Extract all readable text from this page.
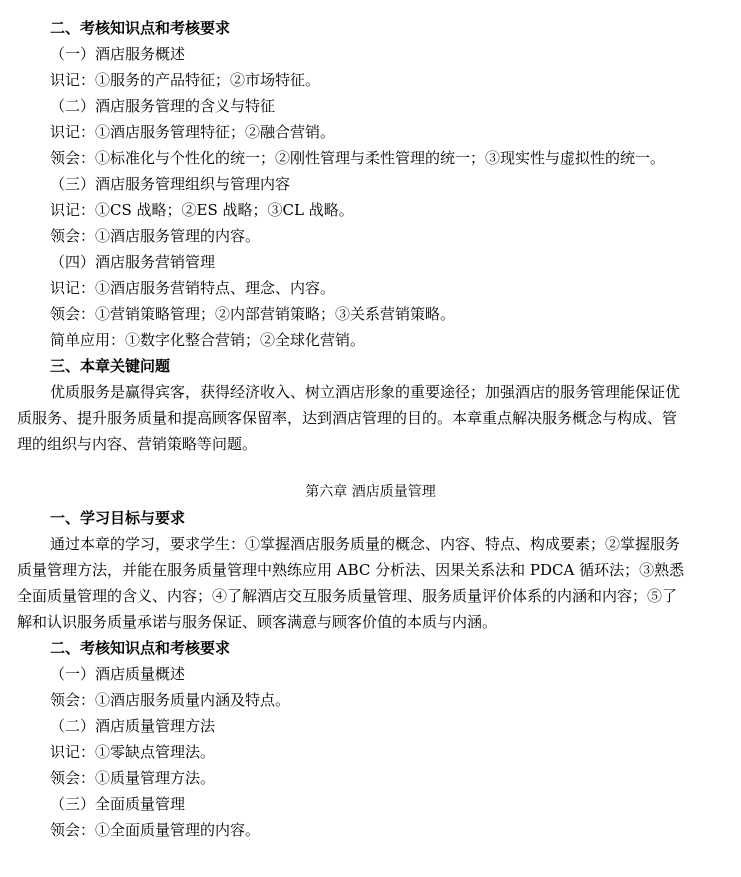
二、考核知识点和考核要求
（一）酒店服务概述
识记：①服务的产品特征；②市场特征。
（二）酒店服务管理的含义与特征
识记：①酒店服务管理特征；②融合营销。
领会：①标准化与个性化的统一；②刚性管理与柔性管理的统一；③现实性与虚拟性的统一。
（三）酒店服务管理组织与管理内容
识记：①CS 战略；②ES 战略；③CL 战略。
领会：①酒店服务管理的内容。
（四）酒店服务营销管理
识记：①酒店服务营销特点、理念、内容。
领会：①营销策略管理；②内部营销策略；③关系营销策略。
简单应用：①数字化整合营销；②全球化营销。
三、本章关键问题
优质服务是赢得宾客，获得经济收入、树立酒店形象的重要途径；加强酒店的服务管理能保证优
质服务、提升服务质量和提高顾客保留率，达到酒店管理的目的。本章重点解决服务概念与构成、管
理的组织与内容、营销策略等问题。
第六章 酒店质量管理
一、学习目标与要求
通过本章的学习，要求学生：①掌握酒店服务质量的概念、内容、特点、构成要素；②掌握服务
质量管理方法，并能在服务质量管理中熟练应用 ABC 分析法、因果关系法和 PDCA 循环法；③熟悉
全面质量管理的含义、内容；④了解酒店交互服务质量管理、服务质量评价体系的内涵和内容；⑤了
解和认识服务质量承诺与服务保证、顾客满意与顾客价值的本质与内涵。
二、考核知识点和考核要求
（一）酒店质量概述
领会：①酒店服务质量内涵及特点。
（二）酒店质量管理方法
识记：①零缺点管理法。
领会：①质量管理方法。
（三）全面质量管理
领会：①全面质量管理的内容。
